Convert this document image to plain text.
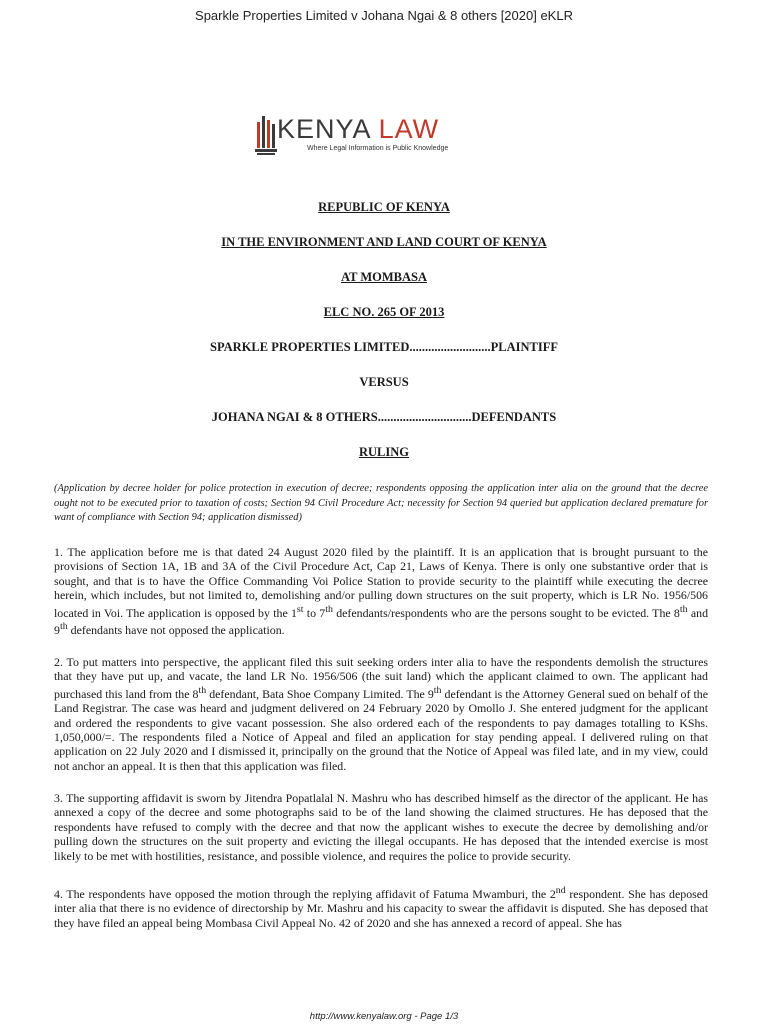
Sparkle Properties Limited v Johana Ngai & 8 others [2020] eKLR
KENYA LAW
Where Legal Information is Public Knowledge
REPUBLIC OF KENYA
IN THE ENVIRONMENT AND LAND COURT OF KENYA
AT MOMBASA
ELC NO. 265 OF 2013
SPARKLE PROPERTIES LIMITED..........................PLAINTIFF
VERSUS
JOHANA NGAI & 8 OTHERS..............................DEFENDANTS
RULING
(Application by decree holder for police protection in execution of decree; respondents opposing the application inter alia on the ground that the decree ought not to be executed prior to taxation of costs; Section 94 Civil Procedure Act; necessity for Section 94 queried but application declared premature for want of compliance with Section 94; application dismissed)
1. The application before me is that dated 24 August 2020 filed by the plaintiff. It is an application that is brought pursuant to the provisions of Section 1A, 1B and 3A of the Civil Procedure Act, Cap 21, Laws of Kenya. There is only one substantive order that is sought, and that is to have the Office Commanding Voi Police Station to provide security to the plaintiff while executing the decree herein, which includes, but not limited to, demolishing and/or pulling down structures on the suit property, which is LR No. 1956/506 located in Voi. The application is opposed by the 1st to 7th defendants/respondents who are the persons sought to be evicted. The 8th and 9th defendants have not opposed the application.
2. To put matters into perspective, the applicant filed this suit seeking orders inter alia to have the respondents demolish the structures that they have put up, and vacate, the land LR No. 1956/506 (the suit land) which the applicant claimed to own. The applicant had purchased this land from the 8th defendant, Bata Shoe Company Limited. The 9th defendant is the Attorney General sued on behalf of the Land Registrar. The case was heard and judgment delivered on 24 February 2020 by Omollo J. She entered judgment for the applicant and ordered the respondents to give vacant possession. She also ordered each of the respondents to pay damages totalling to KShs. 1,050,000/=. The respondents filed a Notice of Appeal and filed an application for stay pending appeal. I delivered ruling on that application on 22 July 2020 and I dismissed it, principally on the ground that the Notice of Appeal was filed late, and in my view, could not anchor an appeal. It is then that this application was filed.
3. The supporting affidavit is sworn by Jitendra Popatlalal N. Mashru who has described himself as the director of the applicant. He has annexed a copy of the decree and some photographs said to be of the land showing the claimed structures. He has deposed that the respondents have refused to comply with the decree and that now the applicant wishes to execute the decree by demolishing and/or pulling down the structures on the suit property and evicting the illegal occupants. He has deposed that the intended exercise is most likely to be met with hostilities, resistance, and possible violence, and requires the police to provide security.
4. The respondents have opposed the motion through the replying affidavit of Fatuma Mwamburi, the 2nd respondent. She has deposed inter alia that there is no evidence of directorship by Mr. Mashru and his capacity to swear the affidavit is disputed. She has deposed that they have filed an appeal being Mombasa Civil Appeal No. 42 of 2020 and she has annexed a record of appeal. She has
http://www.kenyalaw.org - Page 1/3
